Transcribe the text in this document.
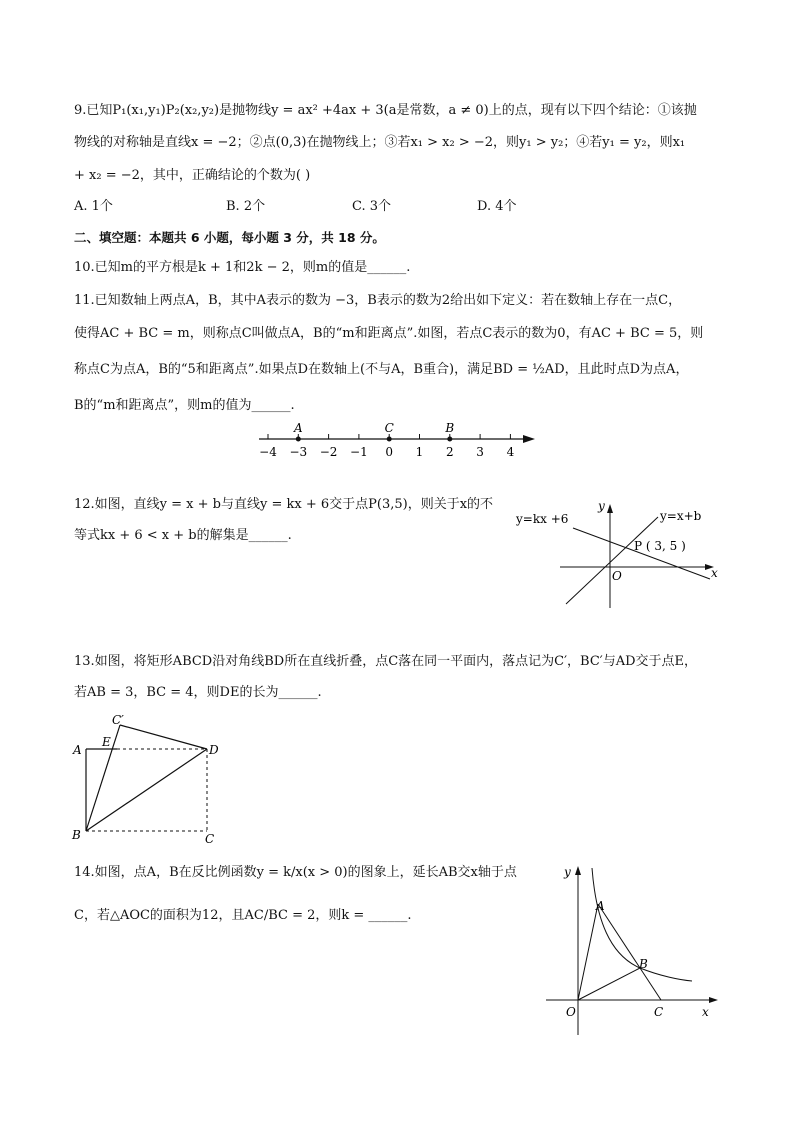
9.已知P₁(x₁,y₁)P₂(x₂,y₂)是抛物线y = ax² +4ax + 3(a是常数，a ≠ 0)上的点，现有以下四个结论：①该抛
物线的对称轴是直线x = −2；②点(0,3)在抛物线上；③若x₁ > x₂ > −2，则y₁ > y₂；④若y₁ = y₂，则x₁
+ x₂ = −2，其中，正确结论的个数为( )
A. 1个	B. 2个	C. 3个	D. 4个
二、填空题：本题共 6 小题，每小题 3 分，共 18 分。
10.已知m的平方根是k + 1和2k − 2，则m的值是______.
11.已知数轴上两点A，B，其中A表示的数为 −3，B表示的数为2给出如下定义：若在数轴上存在一点C，
使得AC + BC = m，则称点C叫做点A，B的“m和距离点”.如图，若点C表示的数为0，有AC + BC = 5，则
称点C为点A，B的“5和距离点”.如果点D在数轴上(不与A，B重合)，满足BD = ½AD，且此时点D为点A，
B的“m和距离点”，则m的值为______.
−4 −3 −2 −1 0 1 2 3 4
A	C	B
12.如图，直线y = x + b与直线y = kx + 6交于点P(3,5)，则关于x的不
等式kx + 6 < x + b的解集是______.
y=kx +6	y=x+b
P ( 3, 5 )
O	x
y
13.如图，将矩形ABCD沿对角线BD所在直线折叠，点C落在同一平面内，落点记为C′，BC′与AD交于点E，
若AB = 3，BC = 4，则DE的长为______.
A
E
C′
D
B	C
14.如图，点A，B在反比例函数y = k/x(x > 0)的图象上，延长AB交x轴于点
C，若△AOC的面积为12，且AC/BC = 2，则k = ______.
A
B
C
O	x
y
